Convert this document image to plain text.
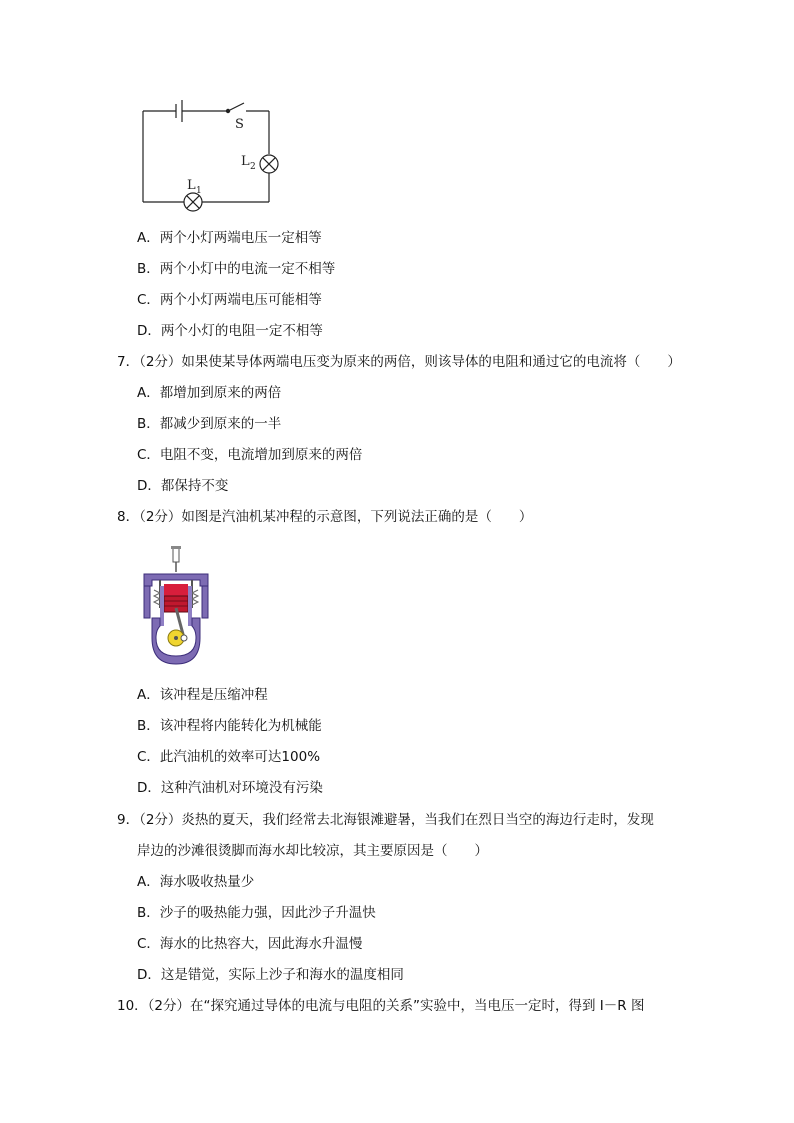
S
L 2
L 1
A．两个小灯两端电压一定相等
B．两个小灯中的电流一定不相等
C．两个小灯两端电压可能相等
D．两个小灯的电阻一定不相等
7．（2分）如果使某导体两端电压变为原来的两倍，则该导体的电阻和通过它的电流将（　　）
A．都增加到原来的两倍
B．都减少到原来的一半
C．电阻不变，电流增加到原来的两倍
D．都保持不变
8．（2分）如图是汽油机某冲程的示意图，下列说法正确的是（　　）
A．该冲程是压缩冲程
B．该冲程将内能转化为机械能
C．此汽油机的效率可达100%
D．这种汽油机对环境没有污染
9．（2分）炎热的夏天，我们经常去北海银滩避暑，当我们在烈日当空的海边行走时，发现
岸边的沙滩很烫脚而海水却比较凉，其主要原因是（　　）
A．海水吸收热量少
B．沙子的吸热能力强，因此沙子升温快
C．海水的比热容大，因此海水升温慢
D．这是错觉，实际上沙子和海水的温度相同
10．（2分）在“探究通过导体的电流与电阻的关系”实验中，当电压一定时，得到 I－R 图
